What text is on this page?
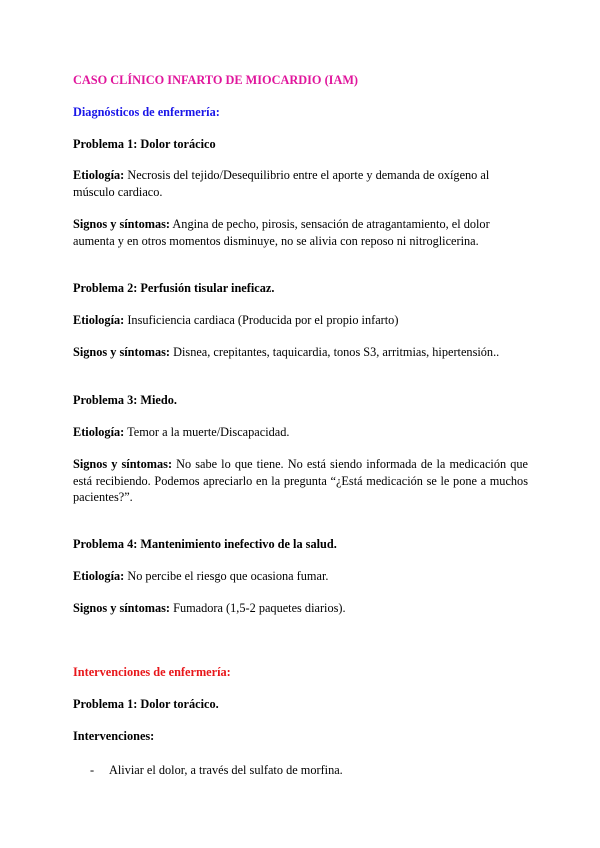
CASO CLÍNICO INFARTO DE MIOCARDIO (IAM)

Diagnósticos de enfermería:

Problema 1: Dolor torácico

Etiología: Necrosis del tejido/Desequilibrio entre el aporte y demanda de oxígeno al músculo cardiaco.

Signos y síntomas: Angina de pecho, pirosis, sensación de atragantamiento, el dolor aumenta y en otros momentos disminuye, no se alivia con reposo ni nitroglicerina.

Problema 2: Perfusión tisular ineficaz.

Etiología: Insuficiencia cardiaca (Producida por el propio infarto)

Signos y síntomas: Disnea, crepitantes, taquicardia, tonos S3, arritmias, hipertensión..

Problema 3: Miedo.

Etiología: Temor a la muerte/Discapacidad.

Signos y síntomas: No sabe lo que tiene. No está siendo informada de la medicación que está recibiendo. Podemos apreciarlo en la pregunta “¿Está medicación se le pone a muchos pacientes?”.

Problema 4: Mantenimiento inefectivo de la salud.

Etiología: No percibe el riesgo que ocasiona fumar.

Signos y síntomas: Fumadora (1,5-2 paquetes diarios).

Intervenciones de enfermería:

Problema 1: Dolor torácico.

Intervenciones:

- Aliviar el dolor, a través del sulfato de morfina.
